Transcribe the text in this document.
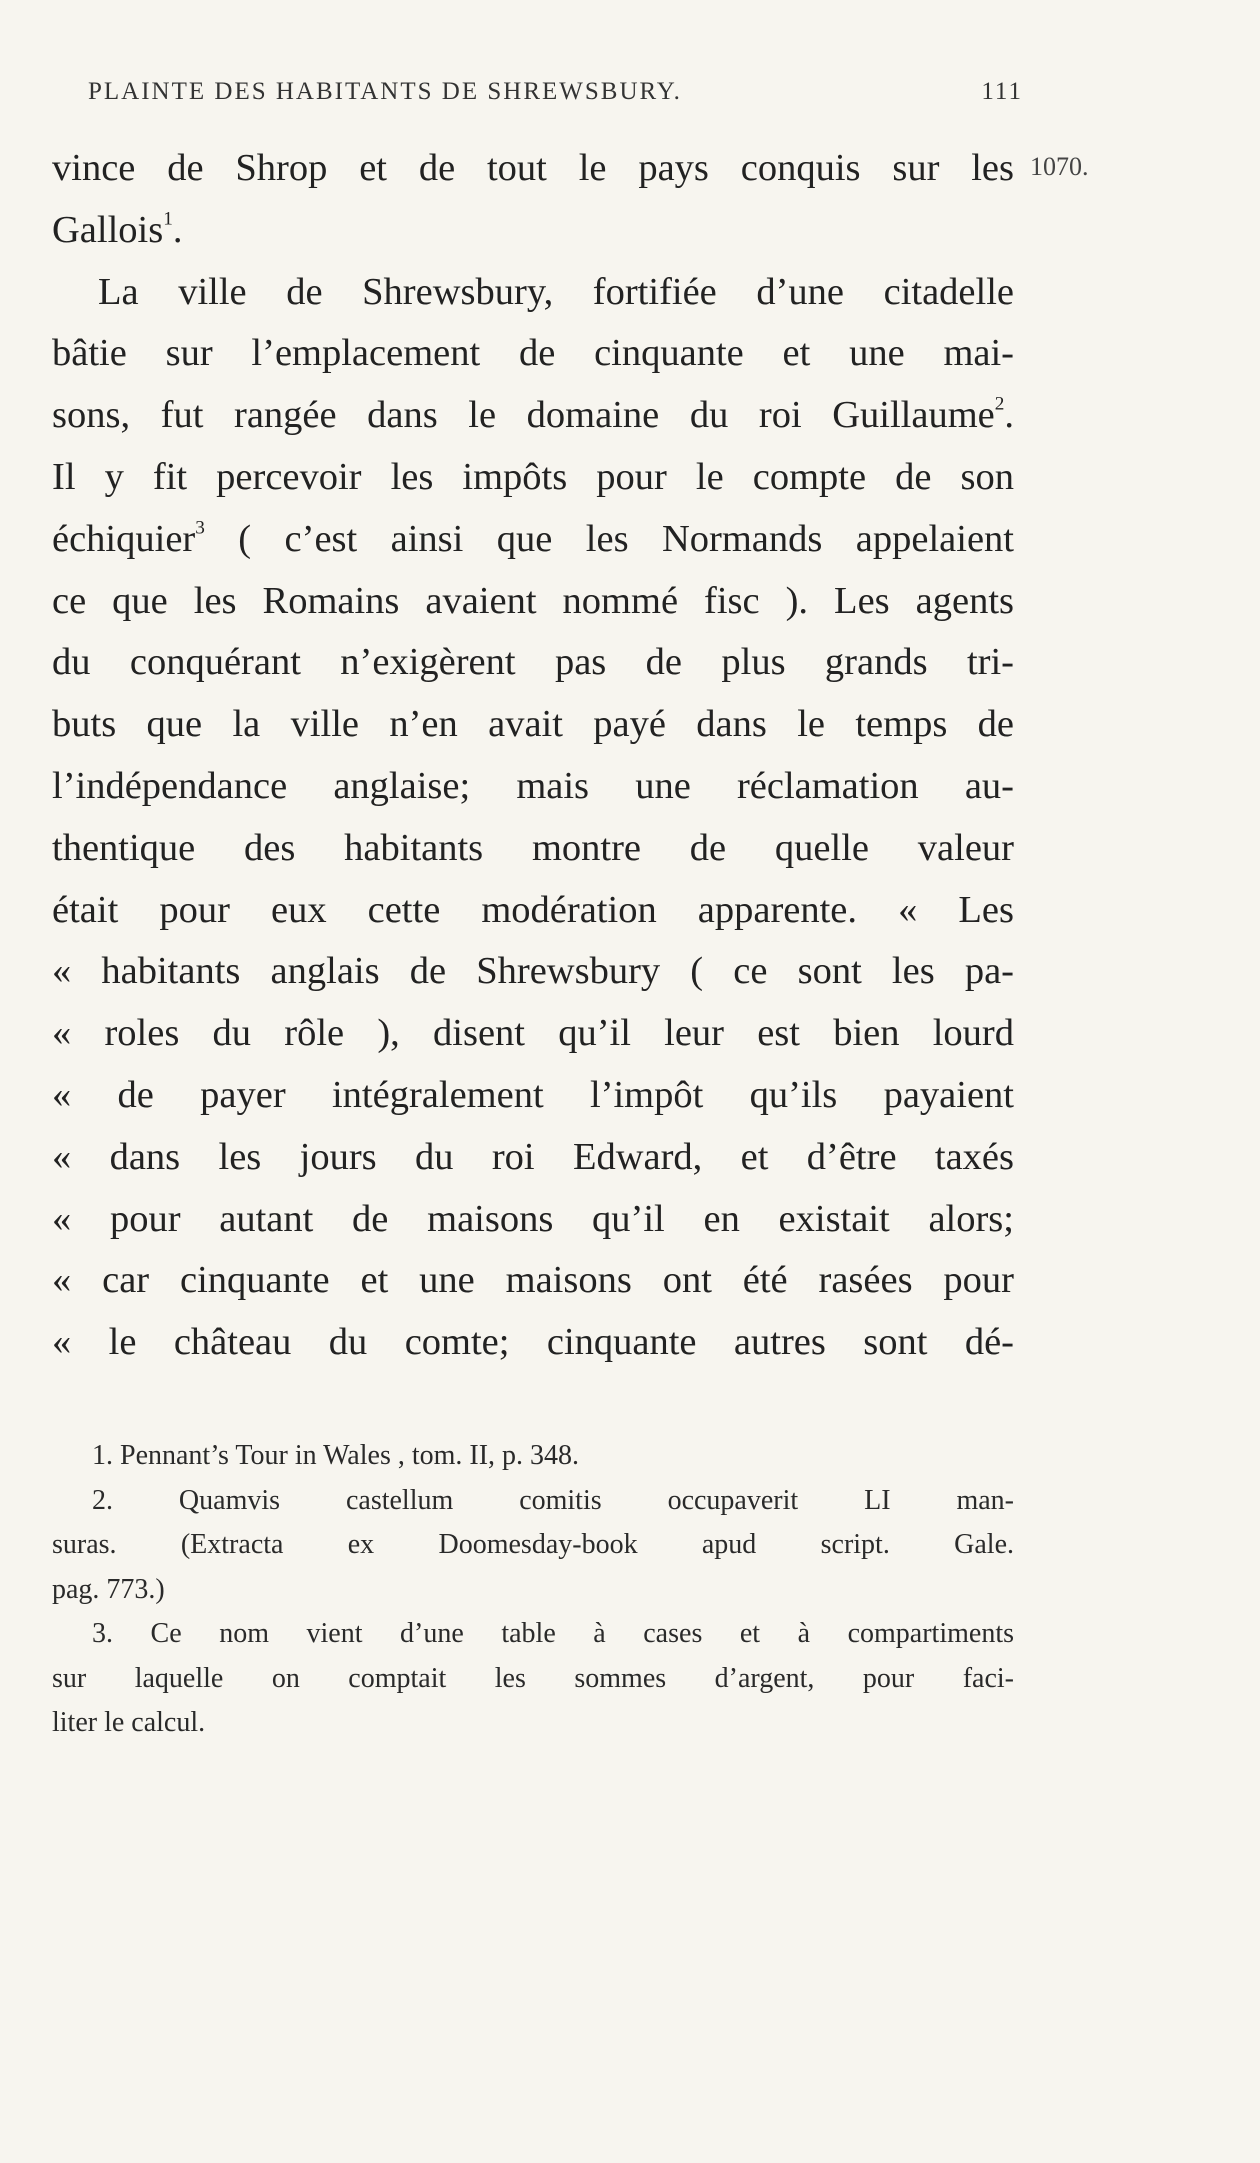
PLAINTE DES HABITANTS DE SHREWSBURY.	111
1070.
vince de Shrop et de tout le pays conquis sur les
Gallois$^1$.
La ville de Shrewsbury, fortifiée d’une citadelle
bâtie sur l’emplacement de cinquante et une mai-
sons, fut rangée dans le domaine du roi Guillaume$^2$.
Il y fit percevoir les impôts pour le compte de son
échiquier$^3$ ( c’est ainsi que les Normands appelaient
ce que les Romains avaient nommé fisc ). Les agents
du conquérant n’exigèrent pas de plus grands tri-
buts que la ville n’en avait payé dans le temps de
l’indépendance anglaise; mais une réclamation au-
thentique des habitants montre de quelle valeur
était pour eux cette modération apparente. « Les
« habitants anglais de Shrewsbury ( ce sont les pa-
« roles du rôle ), disent qu’il leur est bien lourd
« de payer intégralement l’impôt qu’ils payaient
« dans les jours du roi Edward, et d’être taxés
« pour autant de maisons qu’il en existait alors;
« car cinquante et une maisons ont été rasées pour
« le château du comte; cinquante autres sont dé-
1. Pennant’s Tour in Wales , tom. II, p. 348.
2. Quamvis castellum comitis occupaverit LI man-
suras. (Extracta ex Doomesday-book apud script. Gale.
pag. 773.)
3. Ce nom vient d’une table à cases et à compartiments
sur laquelle on comptait les sommes d’argent, pour faci-
liter le calcul.
